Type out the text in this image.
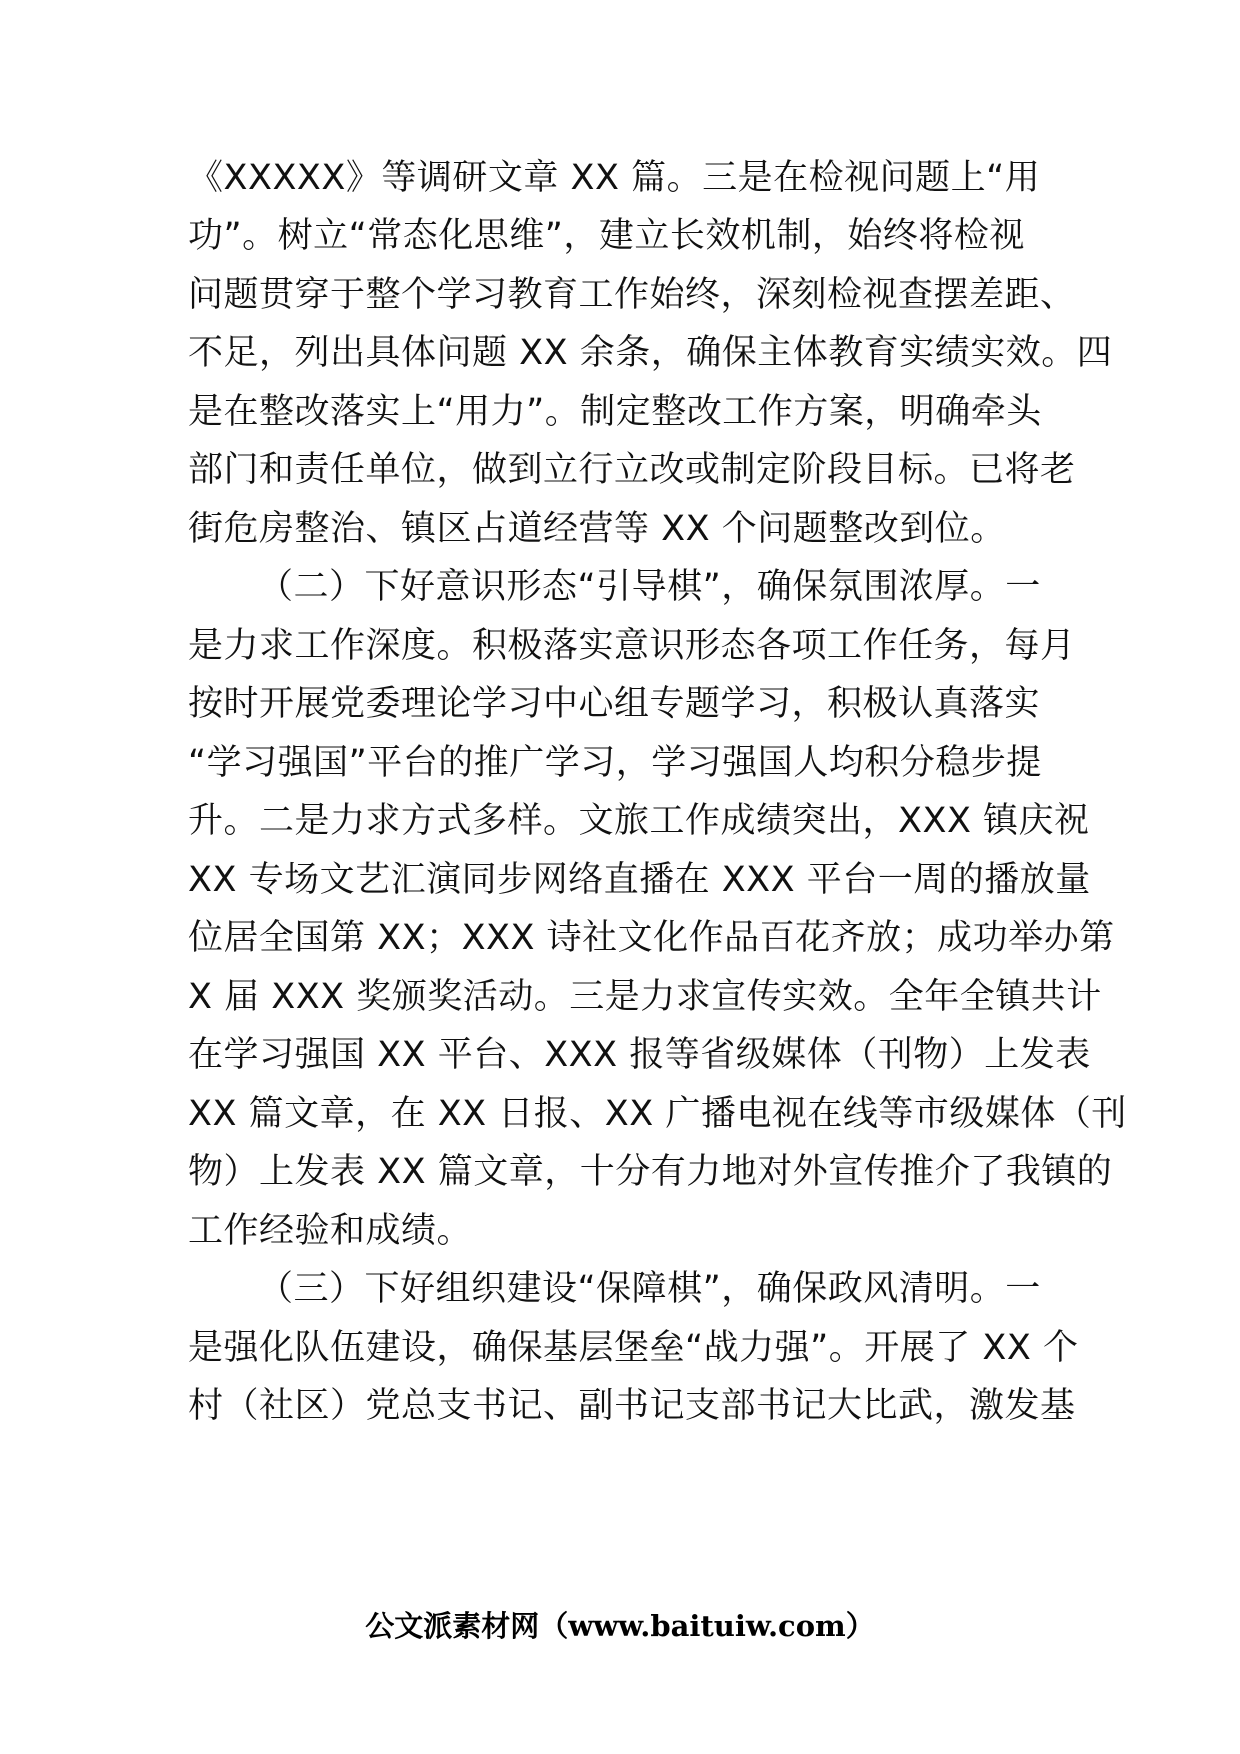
《XXXXX》等调研文章 XX 篇。三是在检视问题上“用
功”。树立“常态化思维”，建立长效机制，始终将检视
问题贯穿于整个学习教育工作始终，深刻检视查摆差距、
不足，列出具体问题 XX 余条，确保主体教育实绩实效。四
是在整改落实上“用力”。制定整改工作方案，明确牵头
部门和责任单位，做到立行立改或制定阶段目标。已将老
街危房整治、镇区占道经营等 XX 个问题整改到位。
（二）下好意识形态“引导棋”，确保氛围浓厚。一
是力求工作深度。积极落实意识形态各项工作任务，每月
按时开展党委理论学习中心组专题学习，积极认真落实
“学习强国”平台的推广学习，学习强国人均积分稳步提
升。二是力求方式多样。文旅工作成绩突出，XXX 镇庆祝
XX 专场文艺汇演同步网络直播在 XXX 平台一周的播放量
位居全国第 XX；XXX 诗社文化作品百花齐放；成功举办第
X 届 XXX 奖颁奖活动。三是力求宣传实效。全年全镇共计
在学习强国 XX 平台、XXX 报等省级媒体（刊物）上发表
XX 篇文章，在 XX 日报、XX 广播电视在线等市级媒体（刊
物）上发表 XX 篇文章，十分有力地对外宣传推介了我镇的
工作经验和成绩。
（三）下好组织建设“保障棋”，确保政风清明。一
是强化队伍建设，确保基层堡垒“战力强”。开展了 XX 个
村（社区）党总支书记、副书记支部书记大比武，激发基
公文派素材网（www.baituiw.com）
